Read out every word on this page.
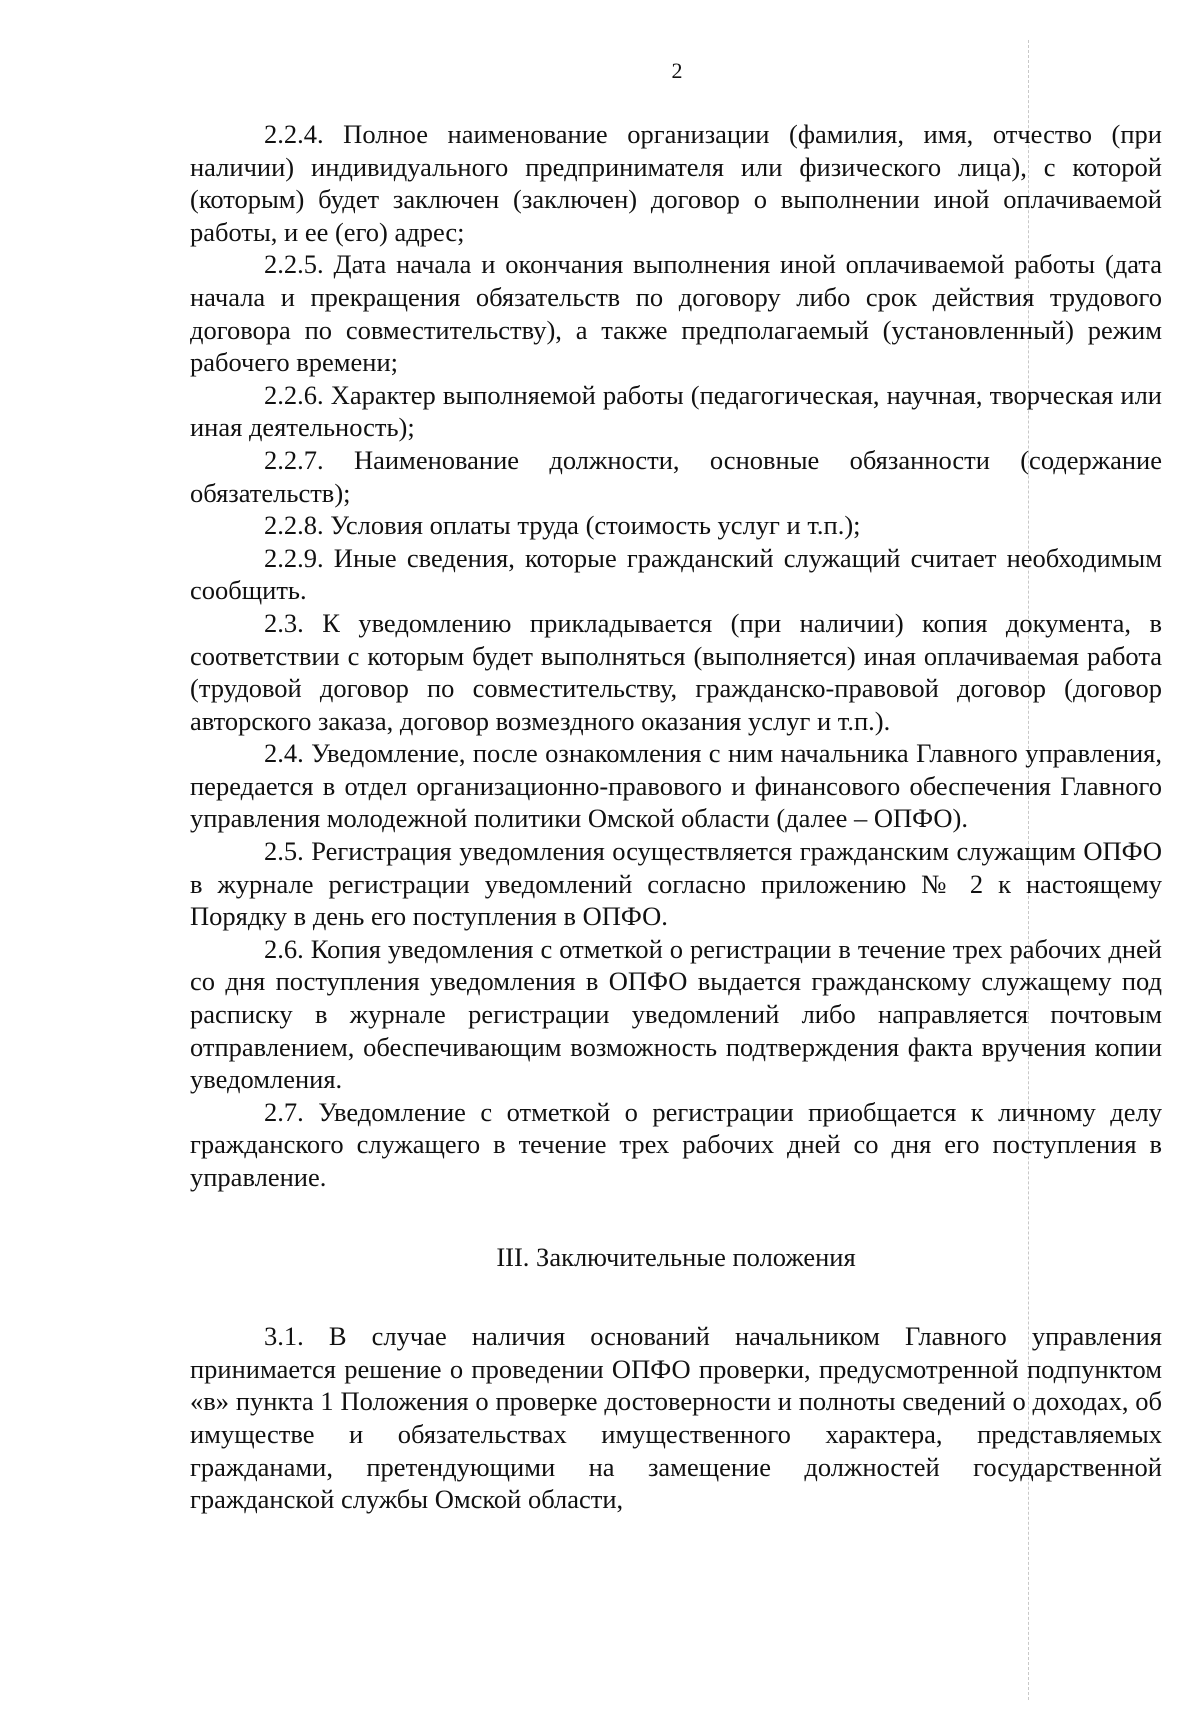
2

2.2.4. Полное наименование организации (фамилия, имя, отчество (при наличии) индивидуального предпринимателя или физического лица), с которой (которым) будет заключен (заключен) договор о выполнении иной оплачиваемой работы, и ее (его) адрес;

2.2.5. Дата начала и окончания выполнения иной оплачиваемой работы (дата начала и прекращения обязательств по договору либо срок действия трудового договора по совместительству), а также предполагаемый (установленный) режим рабочего времени;

2.2.6. Характер выполняемой работы (педагогическая, научная, творческая или иная деятельность);

2.2.7. Наименование должности, основные обязанности (содержание обязательств);

2.2.8. Условия оплаты труда (стоимость услуг и т.п.);

2.2.9. Иные сведения, которые гражданский служащий считает необходимым сообщить.

2.3. К уведомлению прикладывается (при наличии) копия документа, в соответствии с которым будет выполняться (выполняется) иная оплачиваемая работа (трудовой договор по совместительству, гражданско-правовой договор (договор авторского заказа, договор возмездного оказания услуг и т.п.).

2.4. Уведомление, после ознакомления с ним начальника Главного управления, передается в отдел организационно-правового и финансового обеспечения Главного управления молодежной политики Омской области (далее – ОПФО).

2.5. Регистрация уведомления осуществляется гражданским служащим ОПФО в журнале регистрации уведомлений согласно приложению № 2 к настоящему Порядку в день его поступления в ОПФО.

2.6. Копия уведомления с отметкой о регистрации в течение трех рабочих дней со дня поступления уведомления в ОПФО выдается гражданскому служащему под расписку в журнале регистрации уведомлений либо направляется почтовым отправлением, обеспечивающим возможность подтверждения факта вручения копии уведомления.

2.7. Уведомление с отметкой о регистрации приобщается к личному делу гражданского служащего в течение трех рабочих дней со дня его поступления в управление.

III. Заключительные положения

3.1. В случае наличия оснований начальником Главного управления принимается решение о проведении ОПФО проверки, предусмотренной подпунктом «в» пункта 1 Положения о проверке достоверности и полноты сведений о доходах, об имуществе и обязательствах имущественного характера, представляемых гражданами, претендующими на замещение должностей государственной гражданской службы Омской области,
